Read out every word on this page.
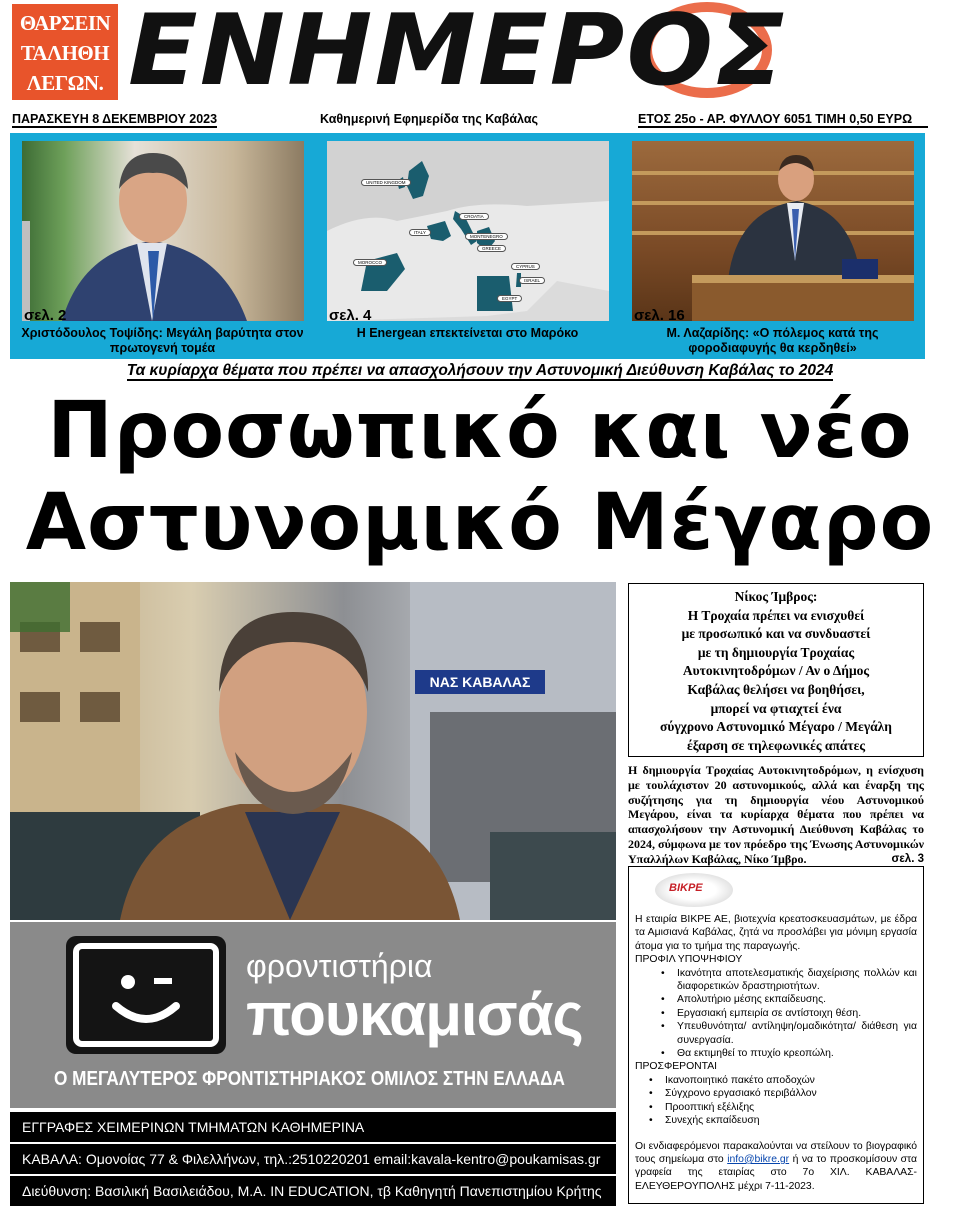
ΘΑΡΣΕΙΝ
ΤΑΛΗΘΗ
ΛΕΓΩΝ. ΕΝΗΜΕΡΟΣ
ΠΑΡΑΣΚΕΥΗ 8 ΔΕΚΕΜΒΡΙΟΥ 2023	Καθημερινή Εφημερίδα της Καβάλας	ΕΤΟΣ 25ο - ΑΡ. ΦΥΛΛΟΥ 6051 ΤΙΜΗ 0,50 ΕΥΡΩ
σελ. 2
Χριστόδουλος Τοψίδης: Μεγάλη βαρύτητα στον πρωτογενή τομέα
UNITED KINGDOM
CROATIA
ITALY
MONTENEGRO
GREECE
MOROCCO
CYPRUS
ISRAEL
EGYPT
σελ. 4
Η Energean επεκτείνεται στο Μαρόκο
σελ. 16
Μ. Λαζαρίδης: «Ο πόλεμος κατά της φοροδιαφυγής θα κερδηθεί»
Τα κυρίαρχα θέματα που πρέπει να απασχολήσουν την Αστυνομική Διεύθυνση Καβάλας το 2024
Προσωπικό και νέο
Αστυνομικό Μέγαρο
ΝΑΣ ΚΑΒΑΛΑΣ
φροντιστήρια
πουκαμισάς
Ο ΜΕΓΑΛΥΤΕΡΟΣ ΦΡΟΝΤΙΣΤΗΡΙΑΚΟΣ ΟΜΙΛΟΣ ΣΤΗΝ ΕΛΛΑΔΑ
ΕΓΓΡΑΦΕΣ ΧΕΙΜΕΡΙΝΩΝ ΤΜΗΜΑΤΩΝ ΚΑΘΗΜΕΡΙΝΑ
ΚΑΒΑΛΑ: Ομονοίας 77 & Φιλελλήνων, τηλ.:2510220201 email:kavala-kentro@poukamisas.gr
Διεύθυνση: Βασιλική Βασιλειάδου, M.A. IN EDUCATION, τβ Καθηγητή Πανεπιστημίου Κρήτης
Νίκος Ίμβρος:
Η Τροχαία πρέπει να ενισχυθεί
με προσωπικό και να συνδυαστεί
με τη δημιουργία Τροχαίας
Αυτοκινητοδρόμων / Αν ο Δήμος
Καβάλας θελήσει να βοηθήσει,
μπορεί να φτιαχτεί ένα
σύγχρονο Αστυνομικό Μέγαρο / Μεγάλη
έξαρση σε τηλεφωνικές απάτες
Η δημιουργία Τροχαίας Αυτοκινητοδρόμων, η ενίσχυση με τουλάχιστον 20 αστυνομικούς, αλλά και έναρξη της συζήτησης για τη δημιουργία νέου Αστυνομικού Μεγάρου, είναι τα κυρίαρχα θέματα που πρέπει να απασχολήσουν την Αστυνομική Διεύθυνση Καβάλας το 2024, σύμφωνα με τον πρόεδρο της Ένωσης Αστυνομικών Υπαλλήλων Καβάλας, Νίκο Ίμβρο.	σελ. 3
ΒΙΚΡΕ

Η εταιρία ΒΙΚΡΕ ΑΕ, βιοτεχνία κρεατοσκευασμάτων, με έδρα τα Αμισιανά Καβάλας, ζητά να προσλάβει για μόνιμη εργασία άτομα για το τμήμα της παραγωγής.

ΠΡΟΦΙΛ ΥΠΟΨΗΦΙΟΥ
• Ικανότητα αποτελεσματικής διαχείρισης πολλών και διαφορετικών δραστηριοτήτων.
• Απολυτήριο μέσης εκπαίδευσης.
• Εργασιακή εμπειρία σε αντίστοιχη θέση.
• Υπευθυνότητα/ αντίληψη/ομαδικότητα/ διάθεση για συνεργασία.
• Θα εκτιμηθεί το πτυχίο κρεοπώλη.
ΠΡΟΣΦΕΡΟΝΤΑΙ
• Ικανοποιητικό πακέτο αποδοχών
• Σύγχρονο εργασιακό περιβάλλον
• Προοπτική εξέλιξης
• Συνεχής εκπαίδευση

Οι ενδιαφερόμενοι παρακαλούνται να στείλουν το βιογραφικό τους σημείωμα στο info@bikre.gr ή να το προσκομίσουν στα γραφεία της εταιρίας στο 7ο ΧΙΛ. ΚΑΒΑΛΑΣ- ΕΛΕΥΘΕΡΟΥΠΟΛΗΣ μέχρι 7-11-2023.
